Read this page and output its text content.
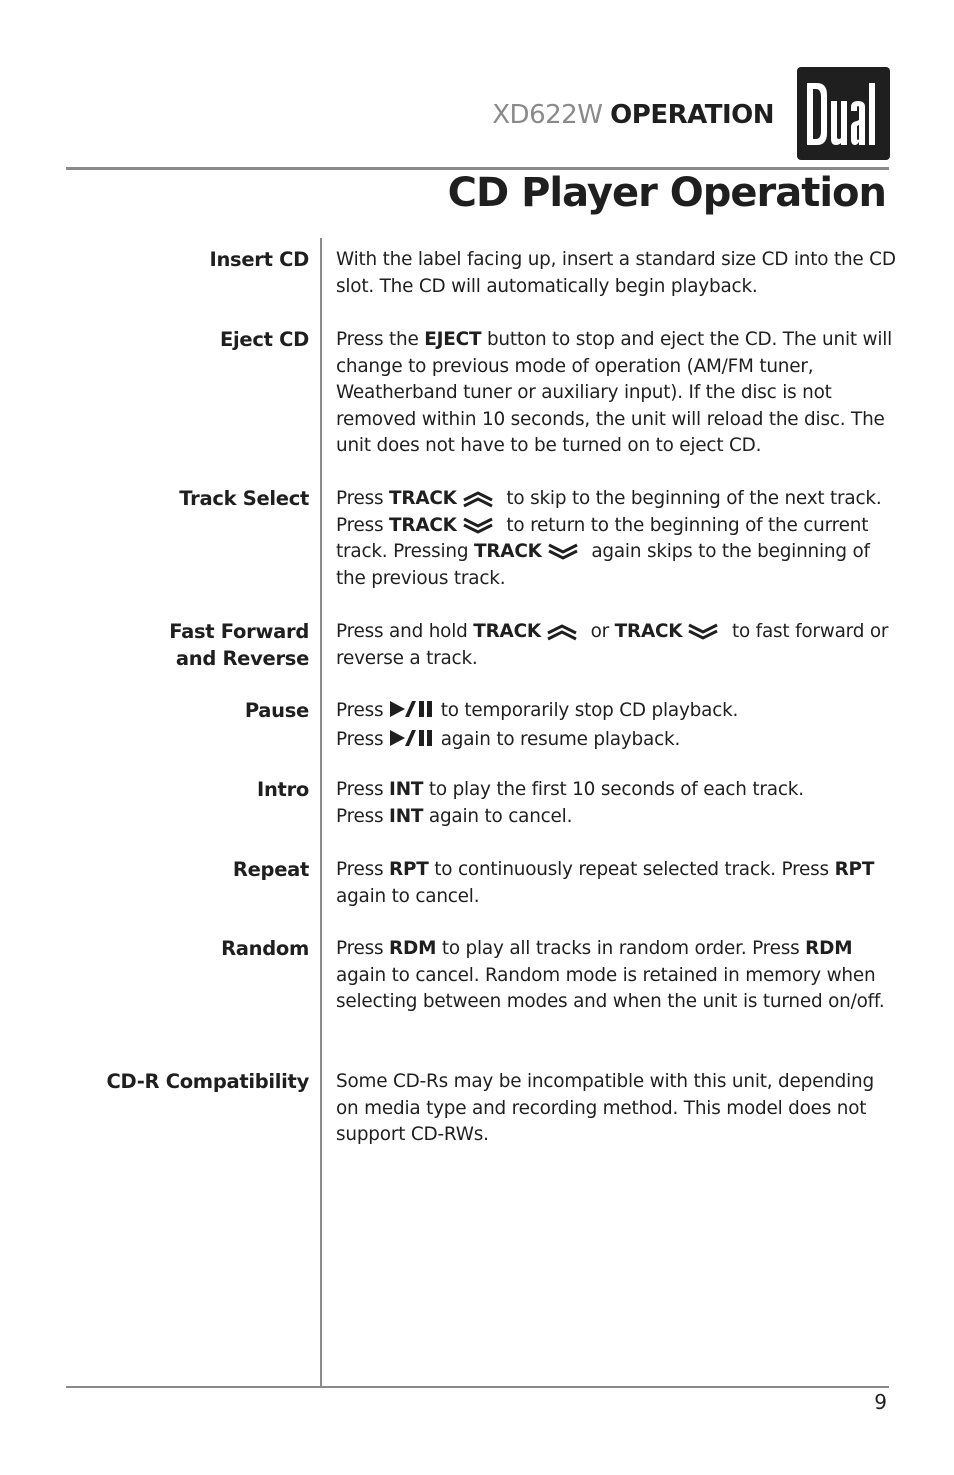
XD622W OPERATION
CD Player Operation
Insert CD With the label facing up, insert a standard size CD into the CD slot. The CD will automatically begin playback.
Eject CD Press the EJECT button to stop and eject the CD. The unit will change to previous mode of operation (AM/FM tuner, Weatherband tuner or auxiliary input). If the disc is not removed within 10 seconds, the unit will reload the disc. The unit does not have to be turned on to eject CD.
Track Select Press TRACK
to skip to the beginning of the next track. Press TRACK
to return to the beginning of the current track. Pressing TRACK
again skips to the beginning of the previous track.
Fast Forward
and Reverse
Press and hold TRACK
or TRACK
to fast forward or reverse a track.
Pause Press	to temporarily stop CD playback.

Press	again to resume playback.

Intro Press INT to play the first 10 seconds of each track.

Press INT again to cancel.

Repeat Press RPT to continuously repeat selected track. Press RPT again to cancel.
Random Press RDM to play all tracks in random order. Press RDM again to cancel. Random mode is retained in memory when selecting between modes and when the unit is turned on/off.
CD-R Compatibility Some CD-Rs may be incompatible with this unit, depending on media type and recording method. This model does not support CD-RWs.
9
